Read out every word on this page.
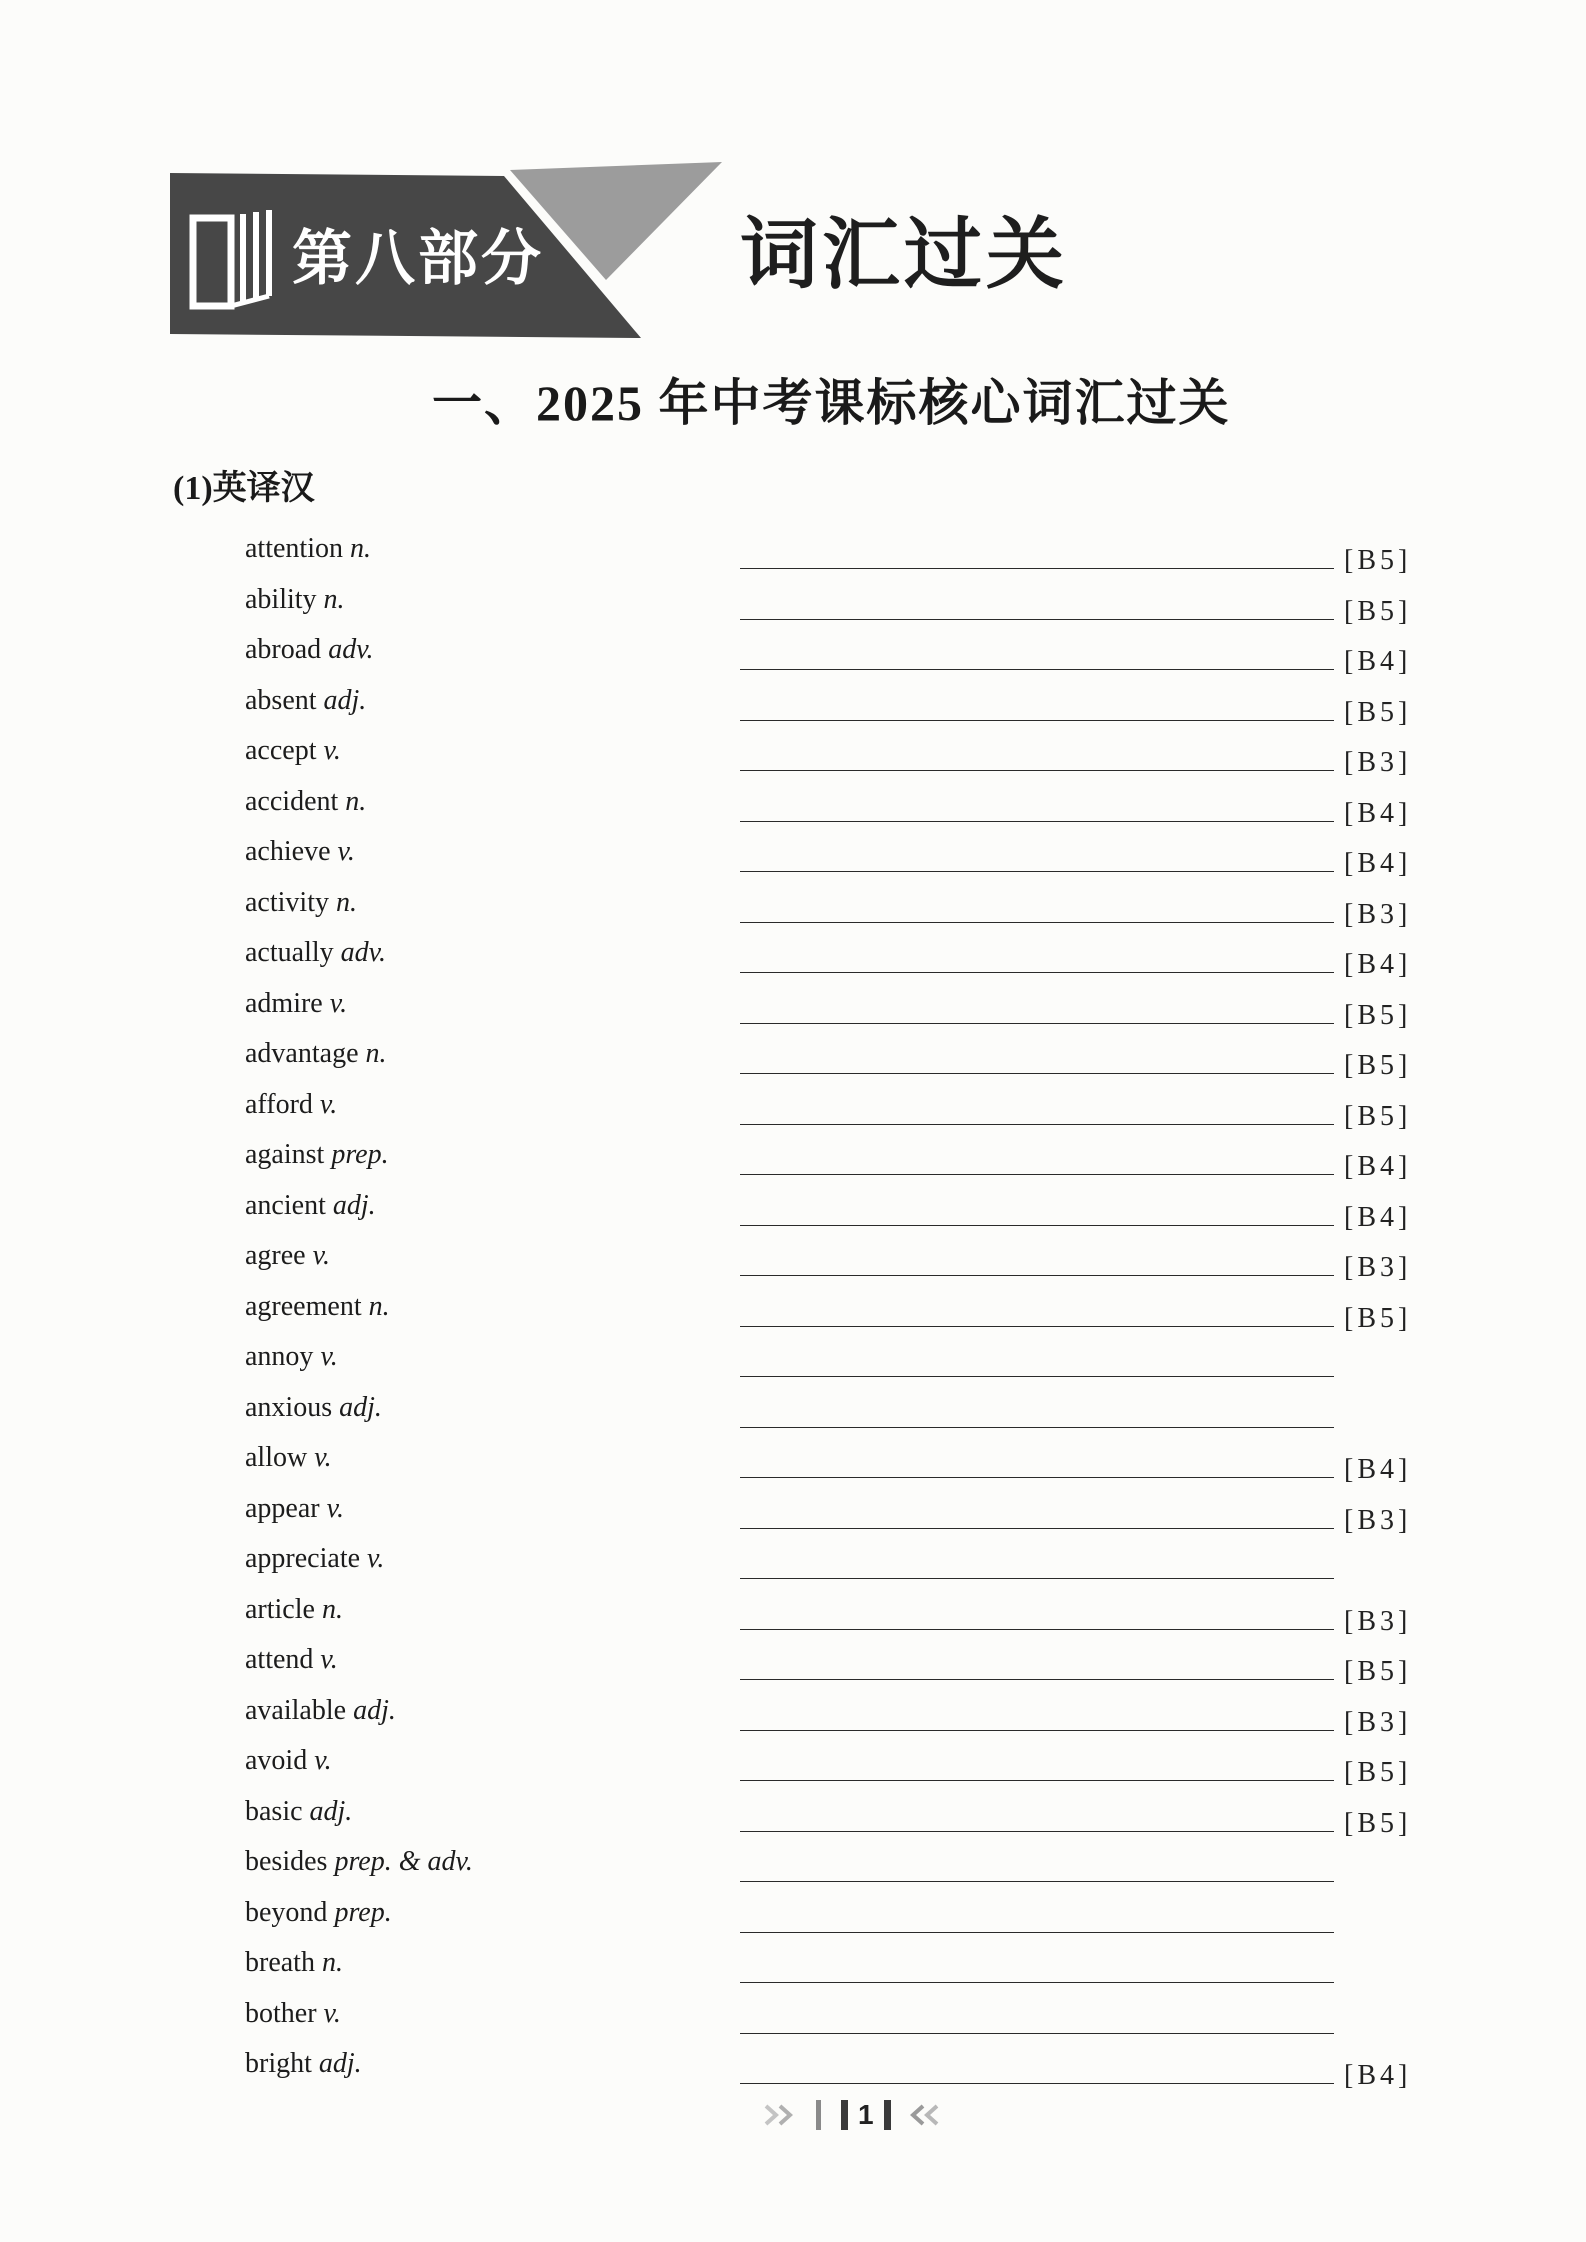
第八部分	词汇过关
一、2025 年中考课标核心词汇过关
(1)英译汉
attention n.	[B5]
ability n.	[B5]
abroad adv.	[B4]
absent adj.	[B5]
accept v.	[B3]
accident n.	[B4]
achieve v.	[B4]
activity n.	[B3]
actually adv.	[B4]
admire v.	[B5]
advantage n.	[B5]
afford v.	[B5]
against prep.	[B4]
ancient adj.	[B4]
agree v.	[B3]
agreement n.	[B5]
annoy v.
anxious adj.
allow v.	[B4]
appear v.	[B3]
appreciate v.
article n.	[B3]
attend v.	[B5]
available adj.	[B3]
avoid v.	[B5]
basic adj.	[B5]
besides prep. & adv.
beyond prep.
breath n.
bother v.
bright adj.	[B4]
1
